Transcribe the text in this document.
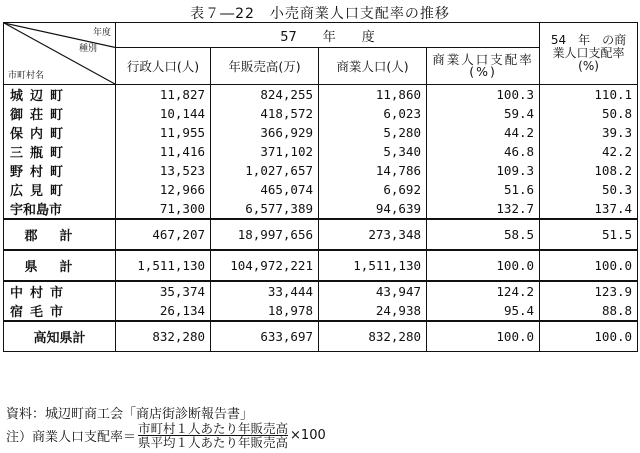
表７―22　小売商業人口支配率の推移
年度
種別
市町村名	57　　年　　度				54　年　の商業人口支配率(%)
	行政人口(人)	年販売高(万)	商業人口(人)	商業人口支配率(%)	
城辺町	11,827	824,255	11,860	100.3	110.1
御荘町	10,144	418,572	6,023	59.4	50.8
保内町	11,955	366,929	5,280	44.2	39.3
三瓶町	11,416	371,102	5,340	46.8	42.2
野村町	13,523	1,027,657	14,786	109.3	108.2
広見町	12,966	465,074	6,692	51.6	50.3
宇和島市	71,300	6,577,389	94,639	132.7	137.4
郡計	467,207	18,997,656	273,348	58.5	51.5
県計	1,511,130	104,972,221	1,511,130	100.0	100.0
中村市	35,374	33,444	43,947	124.2	123.9
宿毛市	26,134	18,978	24,938	95.4	88.8
高知県計	832,280	633,697	832,280	100.0	100.0
資料：城辺町商工会「商店街診断報告書」
注）商業人口支配率＝ $\frac{\text{市町村１人あたり年販売高}}{\text{県平均１人あたり年販売高}} \times 100$
